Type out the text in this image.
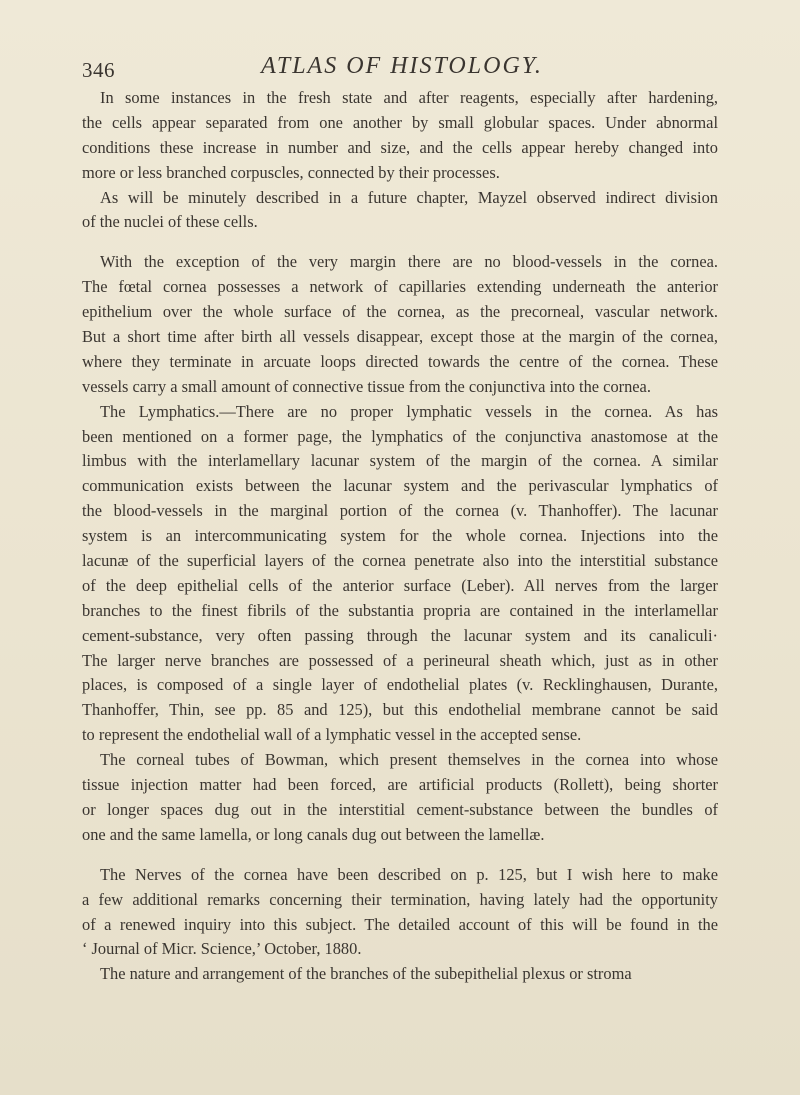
346	ATLAS OF HISTOLOGY.
In some instances in the fresh state and after reagents, especially after hardening,
the cells appear separated from one another by small globular spaces. Under abnormal
conditions these increase in number and size, and the cells appear hereby changed into
more or less branched corpuscles, connected by their processes.
As will be minutely described in a future chapter, Mayzel observed indirect division
of the nuclei of these cells.
With the exception of the very margin there are no blood-vessels in the cornea.
The fœtal cornea possesses a network of capillaries extending underneath the anterior
epithelium over the whole surface of the cornea, as the precorneal, vascular network.
But a short time after birth all vessels disappear, except those at the margin of the cornea,
where they terminate in arcuate loops directed towards the centre of the cornea. These
vessels carry a small amount of connective tissue from the conjunctiva into the cornea.
The Lymphatics.—There are no proper lymphatic vessels in the cornea. As has
been mentioned on a former page, the lymphatics of the conjunctiva anastomose at the
limbus with the interlamellary lacunar system of the margin of the cornea. A similar
communication exists between the lacunar system and the perivascular lymphatics of
the blood-vessels in the marginal portion of the cornea (v. Thanhoffer). The lacunar
system is an intercommunicating system for the whole cornea. Injections into the
lacunæ of the superficial layers of the cornea penetrate also into the interstitial substance
of the deep epithelial cells of the anterior surface (Leber). All nerves from the larger
branches to the finest fibrils of the substantia propria are contained in the interlamellar
cement-substance, very often passing through the lacunar system and its canaliculi·
The larger nerve branches are possessed of a perineural sheath which, just as in other
places, is composed of a single layer of endothelial plates (v. Recklinghausen, Durante,
Thanhoffer, Thin, see pp. 85 and 125), but this endothelial membrane cannot be said
to represent the endothelial wall of a lymphatic vessel in the accepted sense.
The corneal tubes of Bowman, which present themselves in the cornea into whose
tissue injection matter had been forced, are artificial products (Rollett), being shorter
or longer spaces dug out in the interstitial cement-substance between the bundles of
one and the same lamella, or long canals dug out between the lamellæ.
The Nerves of the cornea have been described on p. 125, but I wish here to make
a few additional remarks concerning their termination, having lately had the opportunity
of a renewed inquiry into this subject. The detailed account of this will be found in the
‘ Journal of Micr. Science,’ October, 1880.
The nature and arrangement of the branches of the subepithelial plexus or stroma
